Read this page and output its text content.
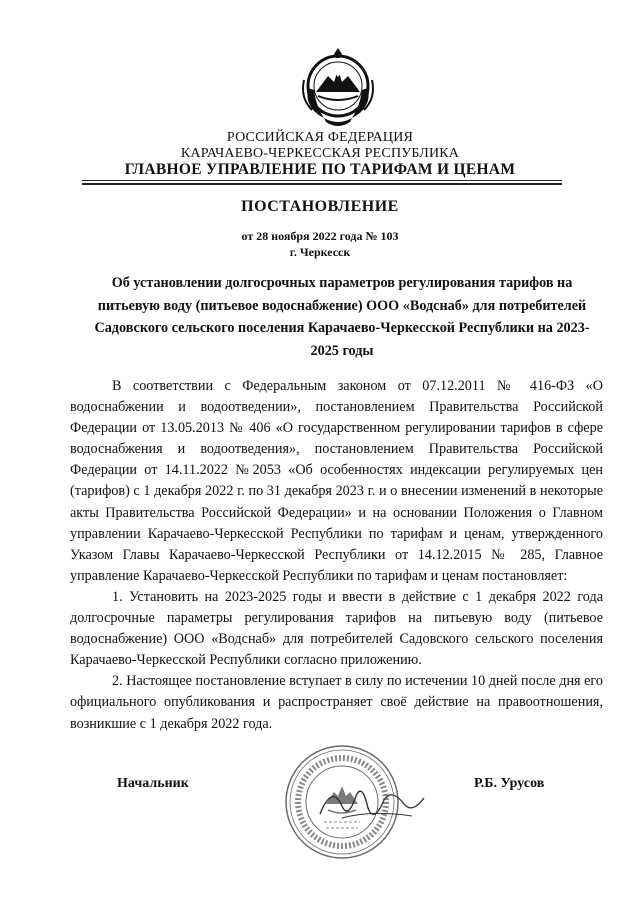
РОССИЙСКАЯ ФЕДЕРАЦИЯ
КАРАЧАЕВО-ЧЕРКЕССКАЯ РЕСПУБЛИКА
ГЛАВНОЕ УПРАВЛЕНИЕ ПО ТАРИФАМ И ЦЕНАМ
ПОСТАНОВЛЕНИЕ
от 28 ноября 2022 года № 103
г. Черкесск
Об установлении долгосрочных параметров регулирования тарифов на питьевую воду (питьевое водоснабжение) ООО «Водснаб» для потребителей Садовского сельского поселения Карачаево-Черкесской Республики на 2023-2025 годы

В соответствии с Федеральным законом от 07.12.2011 № 416-ФЗ «О водоснабжении и водоотведении», постановлением Правительства Российской Федерации от 13.05.2013 № 406 «О государственном регулировании тарифов в сфере водоснабжения и водоотведения», постановлением Правительства Российской Федерации от 14.11.2022 №2053 «Об особенностях индексации регулируемых цен (тарифов) с 1 декабря 2022 г. по 31 декабря 2023 г. и о внесении изменений в некоторые акты Правительства Российской Федерации» и на основании Положения о Главном управлении Карачаево-Черкесской Республики по тарифам и ценам, утвержденного Указом Главы Карачаево-Черкесской Республики от 14.12.2015 № 285, Главное управление Карачаево-Черкесской Республики по тарифам и ценам постановляет:

1. Установить на 2023-2025 годы и ввести в действие с 1 декабря 2022 года долгосрочные параметры регулирования тарифов на питьевую воду (питьевое водоснабжение) ООО «Водснаб» для потребителей Садовского сельского поселения Карачаево-Черкесской Республики согласно приложению.

2. Настоящее постановление вступает в силу по истечении 10 дней после дня его официального опубликования и распространяет своё действие на правоотношения, возникшие с 1 декабря 2022 года.

Начальник	Р.Б. Урусов
